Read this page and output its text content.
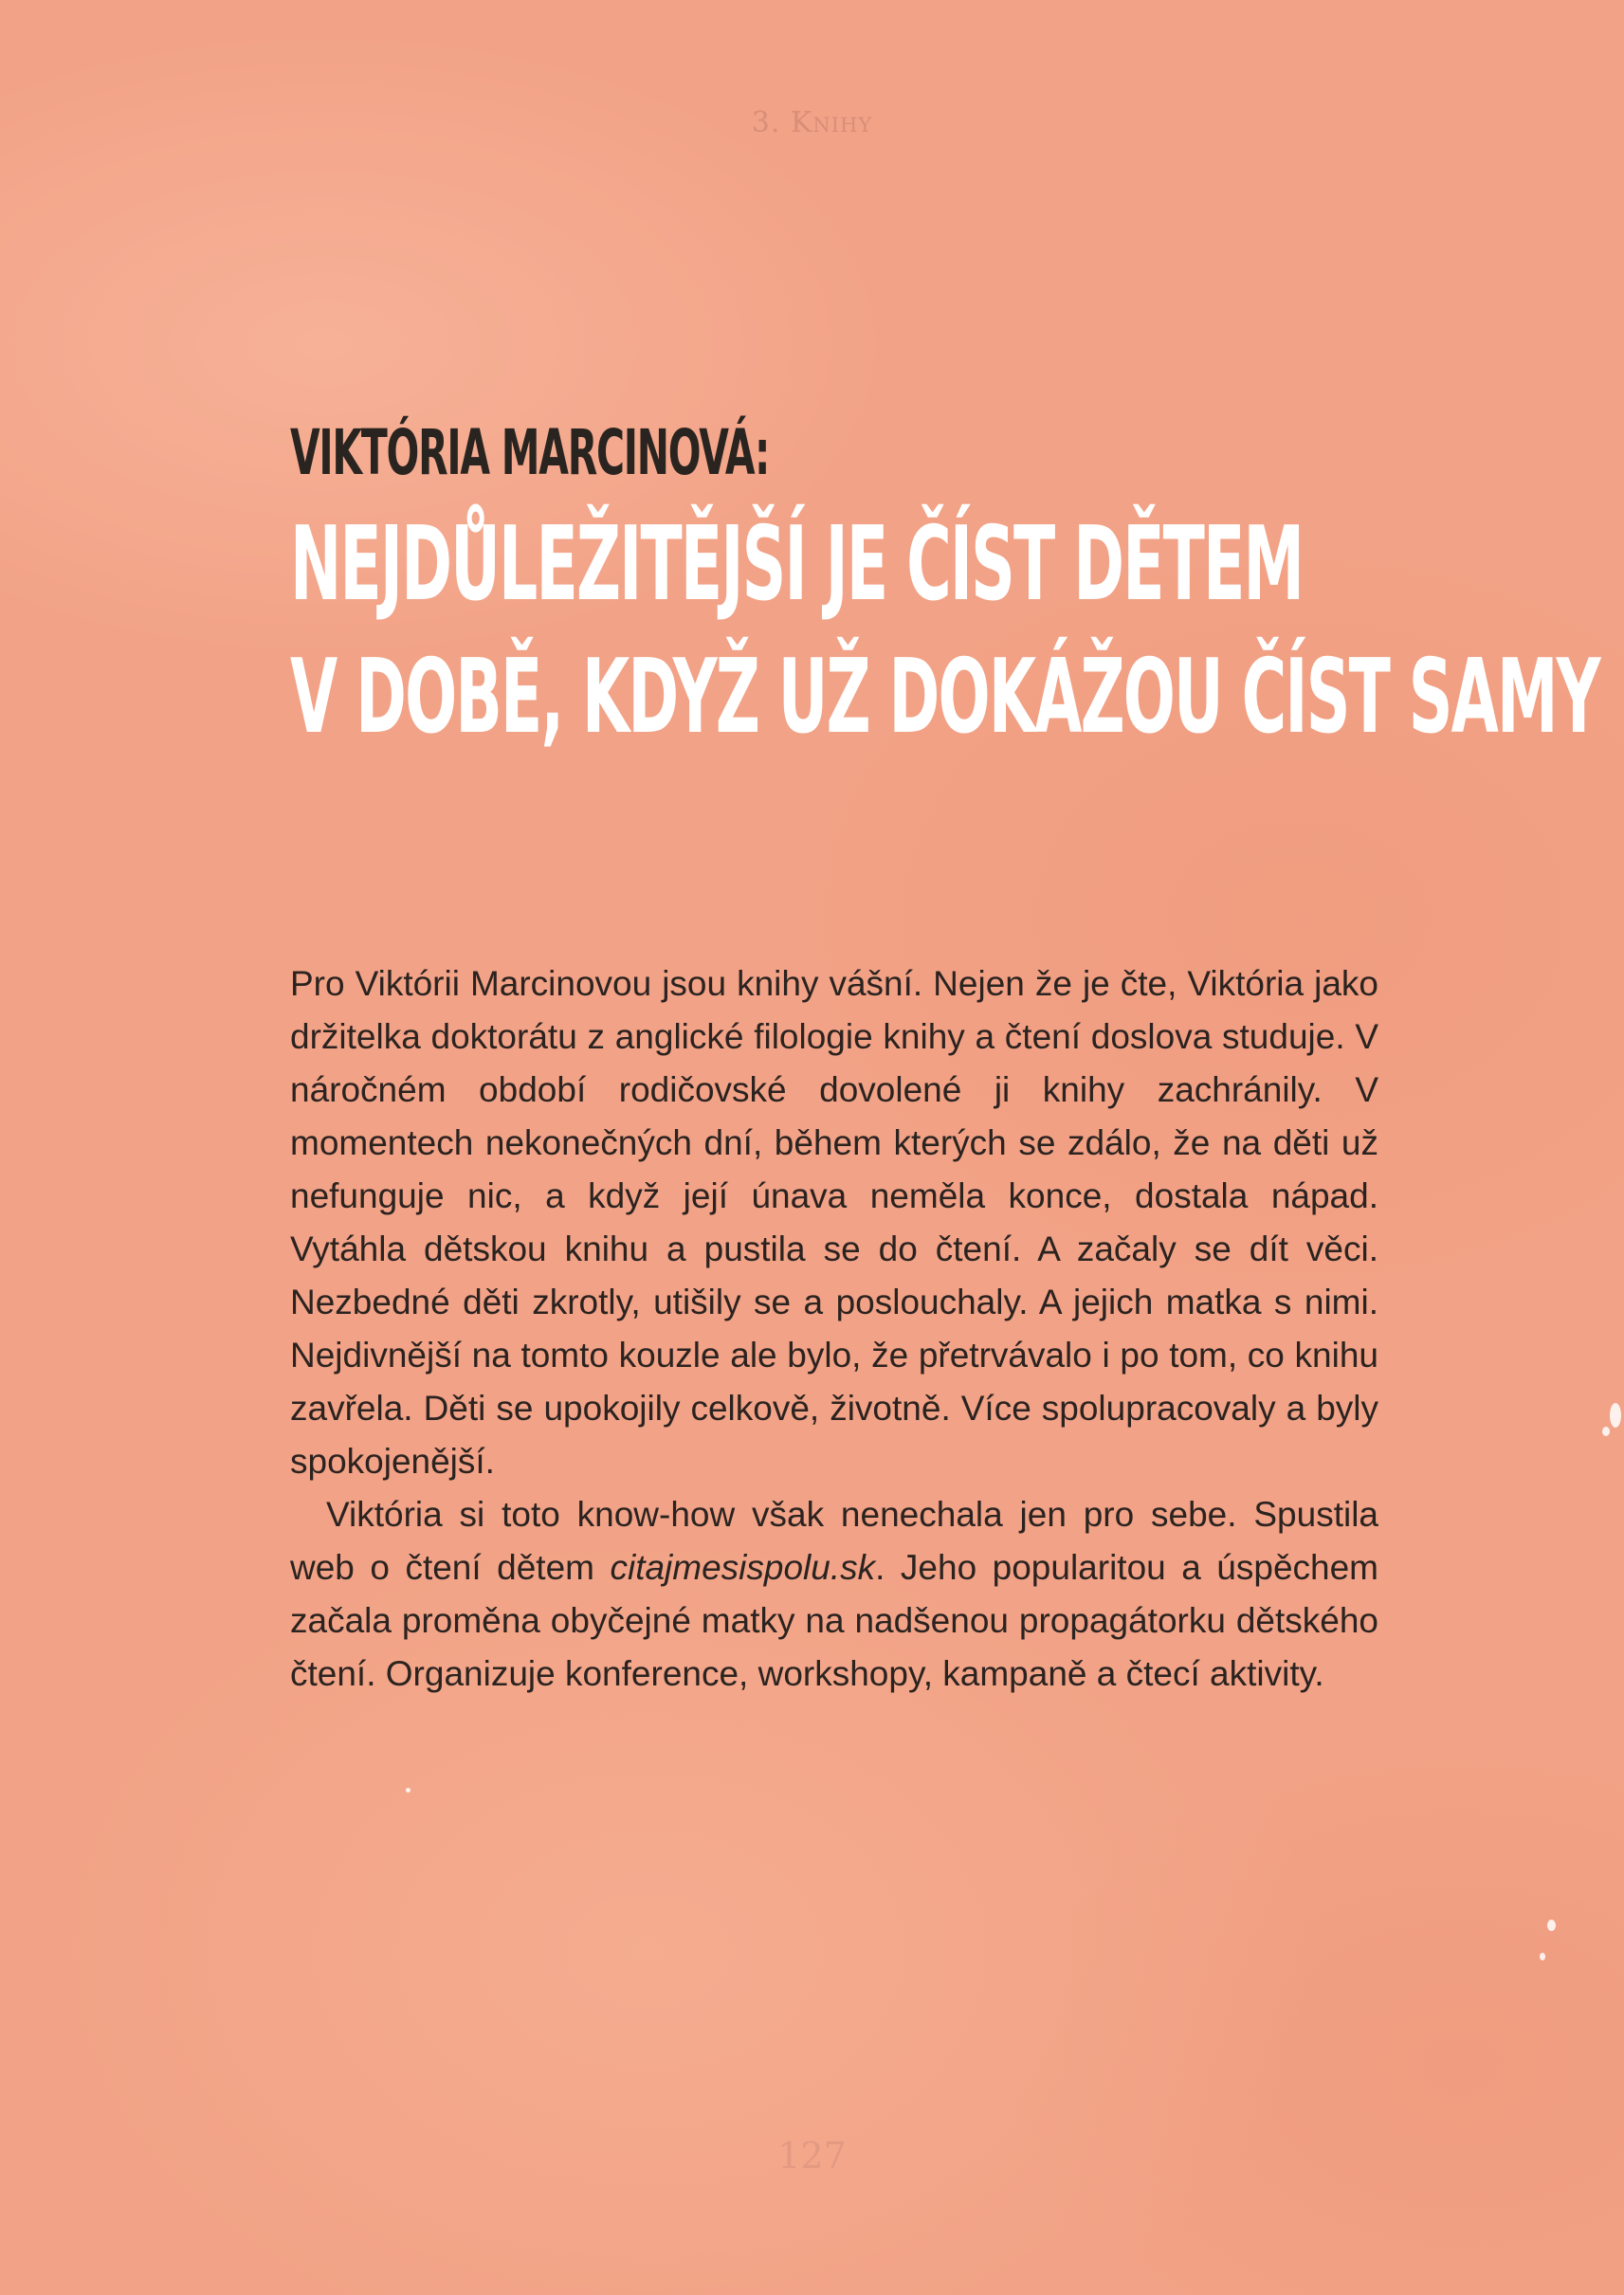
3. Knihy
VIKTÓRIA MARCINOVÁ:
NEJDŮLEŽITĚJŠÍ JE ČÍST DĚTEM
V DOBĚ, KDYŽ UŽ DOKÁŽOU ČÍST SAMY

Pro Viktórii Marcinovou jsou knihy vášní. Nejen že je čte, Viktória jako držitelka doktorátu z anglické filologie knihy a čtení doslova studuje. V náročném období rodičovské dovolené ji knihy zachránily. V momentech nekonečných dní, během kterých se zdálo, že na děti už nefunguje nic, a když její únava neměla konce, dostala nápad. Vytáhla dětskou knihu a pustila se do čtení. A začaly se dít věci. Nezbedné děti zkrotly, utišily se a poslouchaly. A jejich matka s nimi. Nejdivnější na tomto kouzle ale bylo, že přetrvávalo i po tom, co knihu zavřela. Děti se upokojily celkově, životně. Více spolupracovaly a byly spokojenější.

Viktória si toto know-how však nenechala jen pro sebe. Spustila web o čtení dětem citajmesispolu.sk. Jeho popularitou a úspěchem začala proměna obyčejné matky na nadšenou propagátorku dětského čtení. Organizuje konference, workshopy, kampaně a čtecí aktivity.

127
